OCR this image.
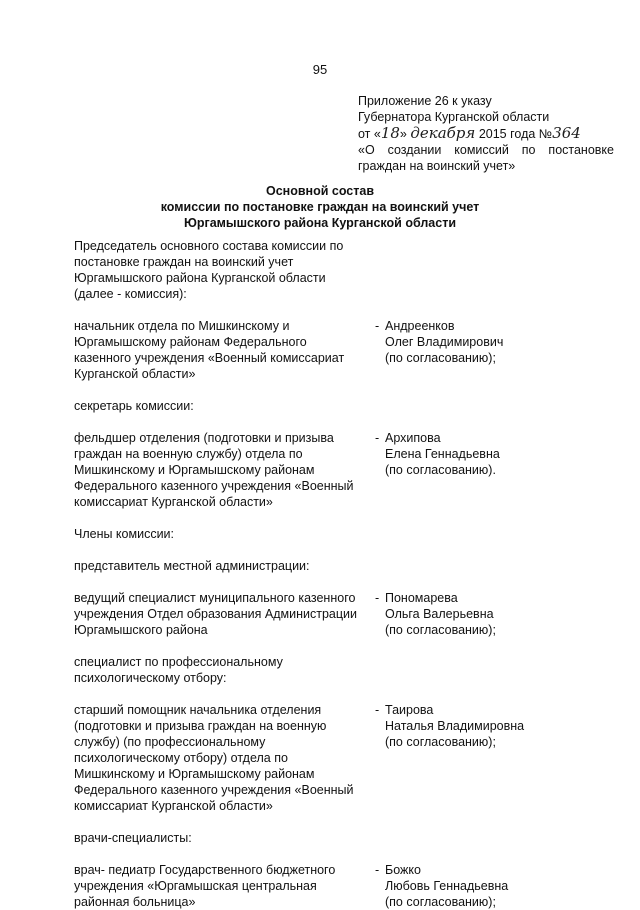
95
Приложение 26 к указу
Губернатора Курганской области
от «18» декабря 2015 года №364
«О создании комиссий по постановке
граждан на воинский учет»
Основной состав
комиссии по постановке граждан на воинский учет
Юргамышского района Курганской области

Председатель основного состава комиссии по
постановке граждан на воинский учет
Юргамышского района Курганской области
(далее - комиссия):

начальник отдела по Мишкинскому и
Юргамышскому районам Федерального
казенного учреждения «Военный комиссариат
Курганской области»
- Андреенков
Олег Владимирович
(по согласованию);

секретарь комиссии:

фельдшер отделения (подготовки и призыва
граждан на военную службу) отдела по
Мишкинскому и Юргамышскому районам
Федерального казенного учреждения «Военный
комиссариат Курганской области»
- Архипова
Елена Геннадьевна
(по согласованию).

Члены комиссии:

представитель местной администрации:

ведущий специалист муниципального казенного
учреждения Отдел образования Администрации
Юргамышского района
- Пономарева
Ольга Валерьевна
(по согласованию);

специалист по профессиональному
психологическому отбору:

старший помощник начальника отделения
(подготовки и призыва граждан на военную
службу) (по профессиональному
психологическому отбору) отдела по
Мишкинскому и Юргамышскому районам
Федерального казенного учреждения «Военный
комиссариат Курганской области»
- Таирова
Наталья Владимировна
(по согласованию);

врачи-специалисты:

врач- педиатр Государственного бюджетного
учреждения «Юргамышская центральная
районная больница»
- Божко
Любовь Геннадьевна
(по согласованию);
